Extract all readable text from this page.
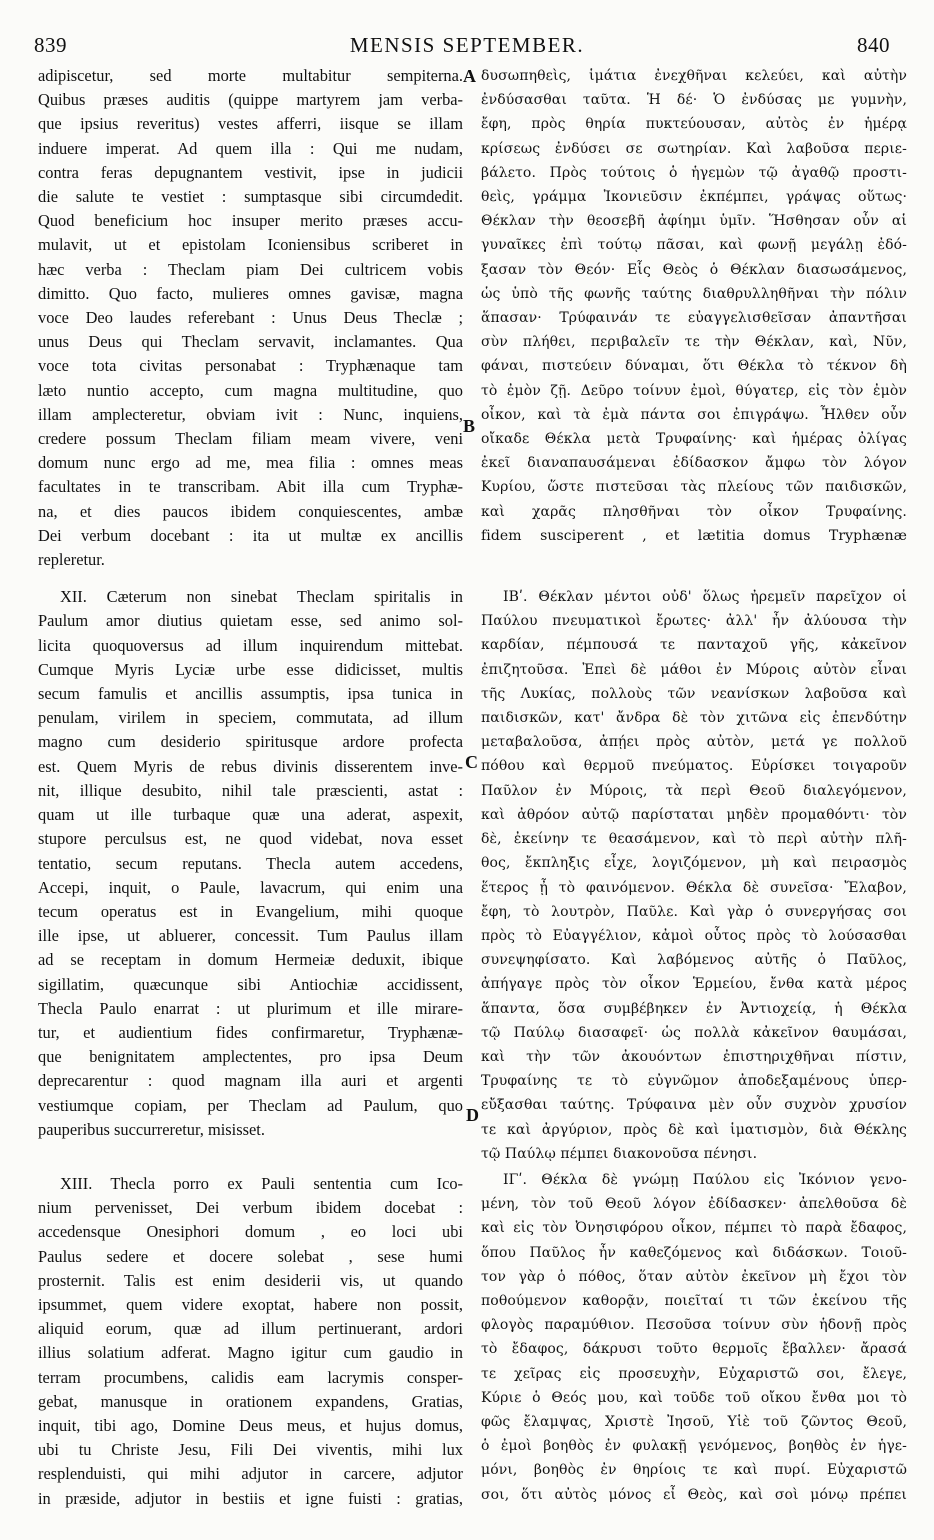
839	MENSIS SEPTEMBER.	840
A
B
C
D
adipiscetur, sed morte multabitur sempiterna.
Quibus præses auditis (quippe martyrem jam verba-
que ipsius reveritus) vestes afferri, iisque se illam
induere imperat. Ad quem illa : Qui me nudam,
contra feras depugnantem vestivit, ipse in judicii
die salute te vestiet : sumptasque sibi circumdedit.
Quod beneficium hoc insuper merito præses accu-
mulavit, ut et epistolam Iconiensibus scriberet in
hæc verba : Theclam piam Dei cultricem vobis
dimitto. Quo facto, mulieres omnes gavisæ, magna
voce Deo laudes referebant : Unus Deus Theclæ ;
unus Deus qui Theclam servavit, inclamantes. Qua
voce tota civitas personabat : Tryphænaque tam
læto nuntio accepto, cum magna multitudine, quo
illam amplecteretur, obviam ivit : Nunc, inquiens,
credere possum Theclam filiam meam vivere, veni
domum nunc ergo ad me, mea filia : omnes meas
facultates in te transcribam. Abit illa cum Tryphæ-
na, et dies paucos ibidem conquiescentes, ambæ
Dei verbum docebant : ita ut multæ ex ancillis
repleretur.
XII. Cæterum non sinebat Theclam spiritalis in
Paulum amor diutius quietam esse, sed animo sol-
licita quoquoversus ad illum inquirendum mittebat.
Cumque Myris Lyciæ urbe esse didicisset, multis
secum famulis et ancillis assumptis, ipsa tunica in
penulam, virilem in speciem, commutata, ad illum
magno cum desiderio spiritusque ardore profecta
est. Quem Myris de rebus divinis disserentem inve-
nit, illique desubito, nihil tale præscienti, astat :
quam ut ille turbaque quæ una aderat, aspexit,
stupore perculsus est, ne quod videbat, nova esset
tentatio, secum reputans. Thecla autem accedens,
Accepi, inquit, o Paule, lavacrum, qui enim una
tecum operatus est in Evangelium, mihi quoque
ille ipse, ut abluerer, concessit. Tum Paulus illam
ad se receptam in domum Hermeiæ deduxit, ibique
sigillatim, quæcunque sibi Antiochiæ accidissent,
Thecla Paulo enarrat : ut plurimum et ille mirare-
tur, et audientium fides confirmaretur, Tryphænæ-
que benignitatem amplectentes, pro ipsa Deum
deprecarentur : quod magnam illa auri et argenti
vestiumque copiam, per Theclam ad Paulum, quo
pauperibus succurreretur, misisset.
XIII. Thecla porro ex Pauli sententia cum Ico-
nium pervenisset, Dei verbum ibidem docebat :
accedensque Onesiphori domum , eo loci ubi
Paulus sedere et docere solebat , sese humi
prosternit. Talis est enim desiderii vis, ut quando
ipsummet, quem videre exoptat, habere non possit,
aliquid eorum, quæ ad illum pertinuerant, ardori
illius solatium adferat. Magno igitur cum gaudio in
terram procumbens, calidis eam lacrymis consper-
gebat, manusque in orationem expandens, Gratias,
inquit, tibi ago, Domine Deus meus, et hujus domus,
ubi tu Christe Jesu, Fili Dei viventis, mihi lux
resplenduisti, qui mihi adjutor in carcere, adjutor
in præside, adjutor in bestiis et igne fuisti : gratias,
δυσωπηθεὶς, ἱμάτια ἐνεχθῆναι κελεύει, καὶ αὐτὴν
ἐνδύσασθαι ταῦτα. Ἡ δέ· Ὁ ἐνδύσας με γυμνὴν,
ἔφη, πρὸς θηρία πυκτεύουσαν, αὐτὸς ἐν ἡμέρᾳ
κρίσεως ἐνδύσει σε σωτηρίαν. Καὶ λαβοῦσα περιε-
βάλετο. Πρὸς τούτοις ὁ ἡγεμὼν τῷ ἀγαθῷ προστι-
θεὶς, γράμμα Ἰκονιεῦσιν ἐκπέμπει, γράψας οὕτως·
Θέκλαν τὴν θεοσεβῆ ἀφίημι ὑμῖν. Ἥσθησαν οὖν αἱ
γυναῖκες ἐπὶ τούτῳ πᾶσαι, καὶ φωνῇ μεγάλῃ ἐδό-
ξασαν τὸν Θεόν· Εἷς Θεὸς ὁ Θέκλαν διασωσάμενος,
ὡς ὑπὸ τῆς φωνῆς ταύτης διαθρυλληθῆναι τὴν πόλιν
ἅπασαν· Τρύφαινάν τε εὐαγγελισθεῖσαν ἀπαντῆσαι
σὺν πλήθει, περιβαλεῖν τε τὴν Θέκλαν, καὶ, Νῦν,
φάναι, πιστεύειν δύναμαι, ὅτι Θέκλα τὸ τέκνον δὴ
τὸ ἐμὸν ζῇ. Δεῦρο τοίνυν ἐμοὶ, θύγατερ, εἰς τὸν ἐμὸν
οἶκον, καὶ τὰ ἐμὰ πάντα σοι ἐπιγράψω. Ἦλθεν οὖν
οἴκαδε Θέκλα μετὰ Τρυφαίνης· καὶ ἡμέρας ὀλίγας
ἐκεῖ διαναπαυσάμεναι ἐδίδασκον ἄμφω τὸν λόγον
Κυρίου, ὥστε πιστεῦσαι τὰς πλείους τῶν παιδισκῶν,
καὶ χαρᾶς πλησθῆναι τὸν οἶκον Τρυφαίνης.
fidem susciperent , et lætitia domus Tryphænæ
ΙΒʹ. Θέκλαν μέντοι οὐδ' ὅλως ἠρεμεῖν παρεῖχον οἱ
Παύλου πνευματικοὶ ἔρωτες· ἀλλ' ἦν ἀλύουσα τὴν
καρδίαν, πέμπουσά τε πανταχοῦ γῆς, κἀκεῖνον
ἐπιζητοῦσα. Ἐπεὶ δὲ μάθοι ἐν Μύροις αὐτὸν εἶναι
τῆς Λυκίας, πολλοὺς τῶν νεανίσκων λαβοῦσα καὶ
παιδισκῶν, κατ' ἄνδρα δὲ τὸν χιτῶνα εἰς ἐπενδύτην
μεταβαλοῦσα, ἀπῄει πρὸς αὐτὸν, μετά γε πολλοῦ
πόθου καὶ θερμοῦ πνεύματος. Εὑρίσκει τοιγαροῦν
Παῦλον ἐν Μύροις, τὰ περὶ Θεοῦ διαλεγόμενον,
καὶ ἀθρόον αὐτῷ παρίσταται μηδὲν προμαθόντι· τὸν
δὲ, ἐκείνην τε θεασάμενον, καὶ τὸ περὶ αὐτὴν πλῆ-
θος, ἔκπληξις εἶχε, λογιζόμενον, μὴ καὶ πειρασμὸς
ἕτερος ᾖ τὸ φαινόμενον. Θέκλα δὲ συνεῖσα· Ἔλαβον,
ἔφη, τὸ λουτρὸν, Παῦλε. Καὶ γὰρ ὁ συνεργήσας σοι
πρὸς τὸ Εὐαγγέλιον, κἀμοὶ οὗτος πρὸς τὸ λούσασθαι
συνεψηφίσατο. Καὶ λαβόμενος αὐτῆς ὁ Παῦλος,
ἀπήγαγε πρὸς τὸν οἶκον Ἑρμείου, ἔνθα κατὰ μέρος
ἅπαντα, ὅσα συμβέβηκεν ἐν Ἀντιοχείᾳ, ἡ Θέκλα
τῷ Παύλῳ διασαφεῖ· ὡς πολλὰ κἀκεῖνον θαυμάσαι,
καὶ τὴν τῶν ἀκουόντων ἐπιστηριχθῆναι πίστιν,
Τρυφαίνης τε τὸ εὐγνῶμον ἀποδεξαμένους ὑπερ-
εὔξασθαι ταύτης. Τρύφαινα μὲν οὖν συχνὸν χρυσίον
τε καὶ ἀργύριον, πρὸς δὲ καὶ ἱματισμὸν, διὰ Θέκλης
τῷ Παύλῳ πέμπει διακονοῦσα πένησι.
ΙΓʹ. Θέκλα δὲ γνώμῃ Παύλου εἰς Ἰκόνιον γενο-
μένη, τὸν τοῦ Θεοῦ λόγον ἐδίδασκεν· ἀπελθοῦσα δὲ
καὶ εἰς τὸν Ὀνησιφόρου οἶκον, πέμπει τὸ παρὰ ἔδαφος,
ὅπου Παῦλος ἦν καθεζόμενος καὶ διδάσκων. Τοιοῦ-
τον γὰρ ὁ πόθος, ὅταν αὐτὸν ἐκεῖνον μὴ ἔχοι τὸν
ποθούμενον καθορᾷν, ποιεῖταί τι τῶν ἐκείνου τῆς
φλογὸς παραμύθιον. Πεσοῦσα τοίνυν σὺν ἡδονῇ πρὸς
τὸ ἔδαφος, δάκρυσι τοῦτο θερμοῖς ἔβαλλεν· ἄρασά
τε χεῖρας εἰς προσευχὴν, Εὐχαριστῶ σοι, ἔλεγε,
Κύριε ὁ Θεός μου, καὶ τοῦδε τοῦ οἴκου ἔνθα μοι τὸ
φῶς ἔλαμψας, Χριστὲ Ἰησοῦ, Υἱὲ τοῦ ζῶντος Θεοῦ,
ὁ ἐμοὶ βοηθὸς ἐν φυλακῇ γενόμενος, βοηθὸς ἐν ἡγε-
μόνι, βοηθὸς ἐν θηρίοις τε καὶ πυρί. Εὐχαριστῶ
σοι, ὅτι αὐτὸς μόνος εἶ Θεὸς, καὶ σοὶ μόνῳ πρέπει
